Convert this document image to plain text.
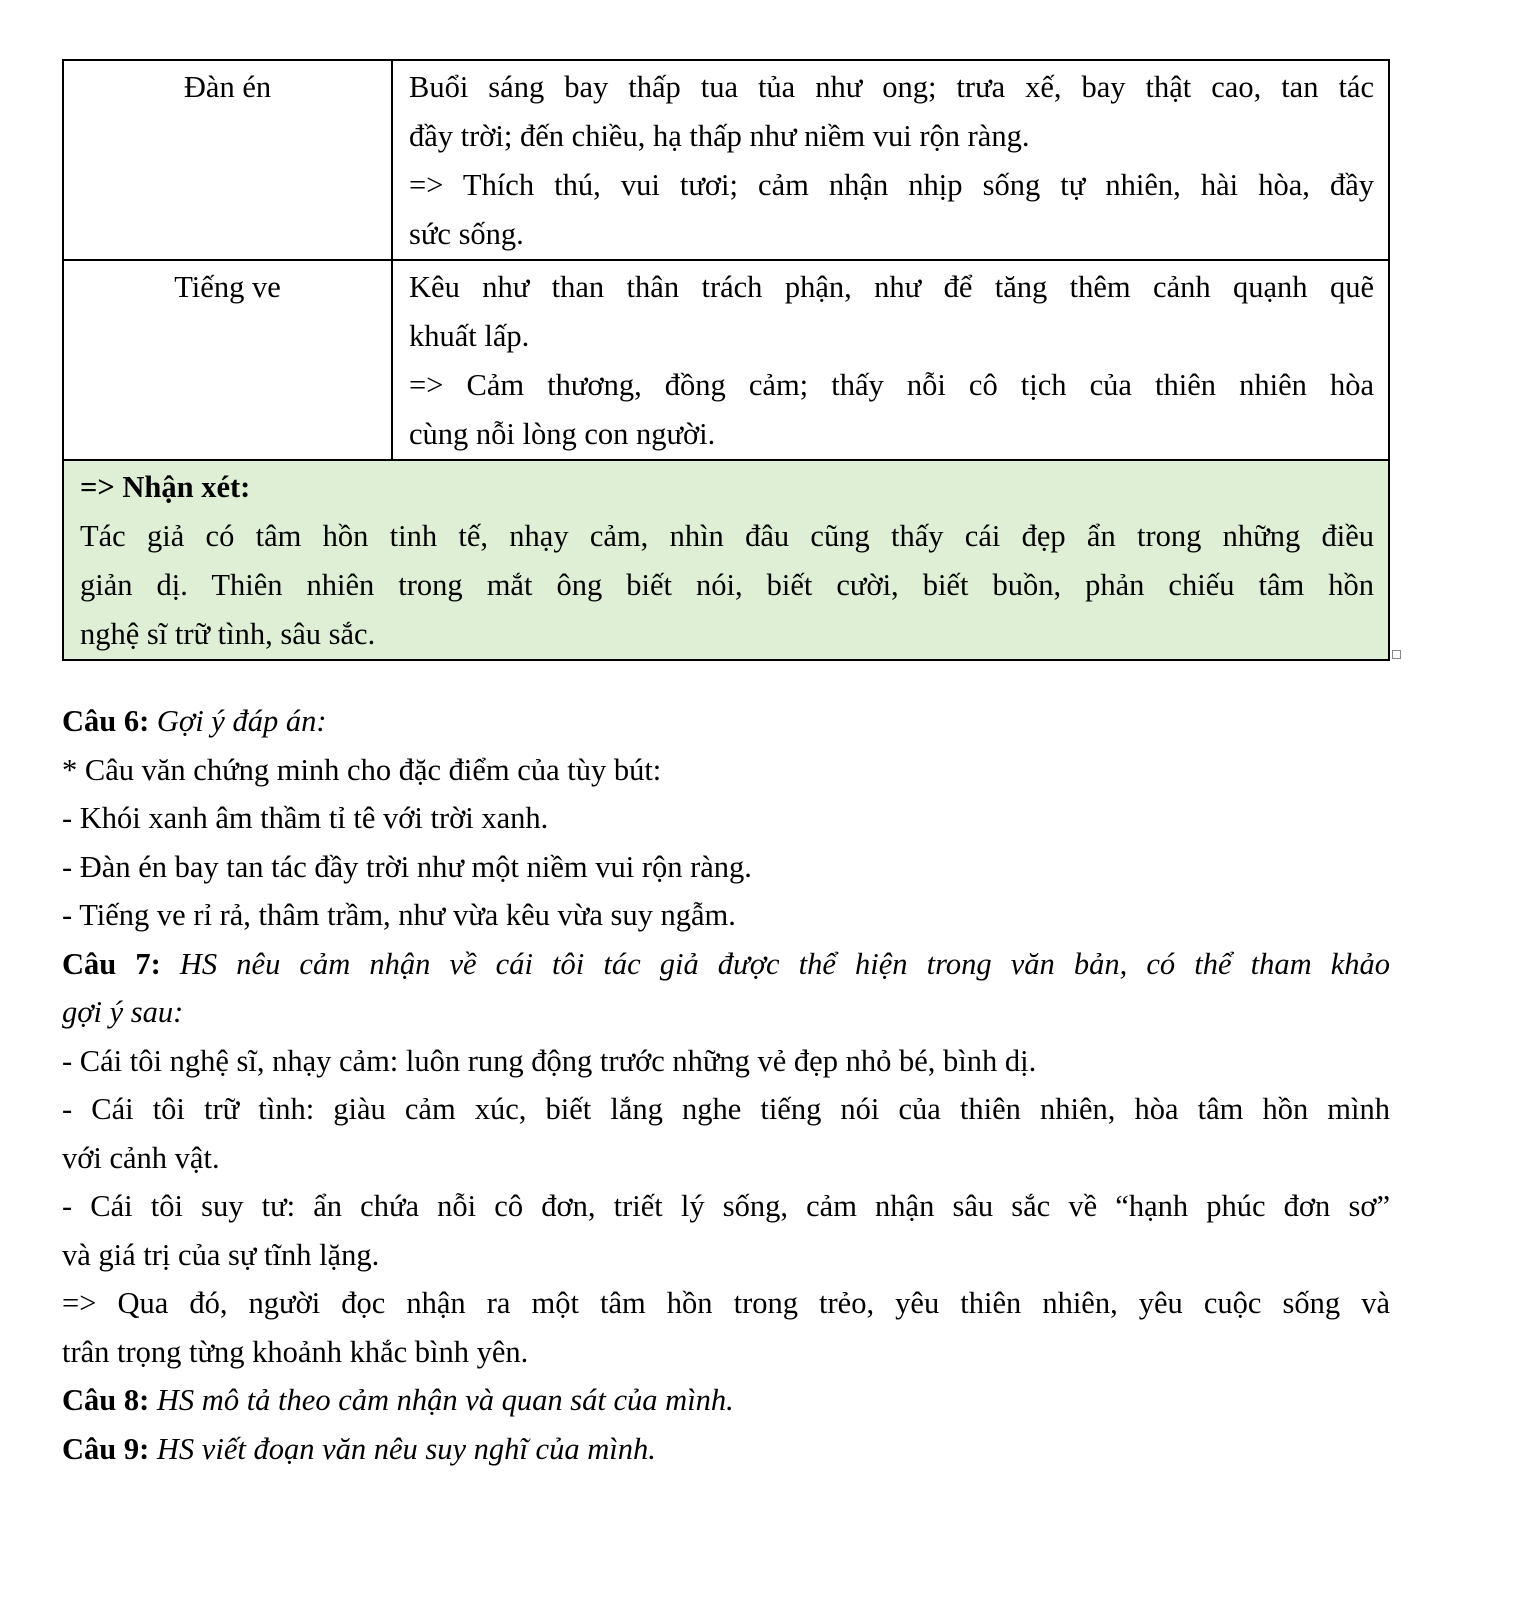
Đàn én	Buổi sáng bay thấp tua tủa như ong; trưa xế, bay thật cao, tan tác
đầy trời; đến chiều, hạ thấp như niềm vui rộn ràng.
=> Thích thú, vui tươi; cảm nhận nhịp sống tự nhiên, hài hòa, đầy
sức sống.

Tiếng ve	Kêu như than thân trách phận, như để tăng thêm cảnh quạnh quẽ
khuất lấp.
=> Cảm thương, đồng cảm; thấy nỗi cô tịch của thiên nhiên hòa
cùng nỗi lòng con người.

=> Nhận xét:
Tác giả có tâm hồn tinh tế, nhạy cảm, nhìn đâu cũng thấy cái đẹp ẩn trong những điều
giản dị. Thiên nhiên trong mắt ông biết nói, biết cười, biết buồn, phản chiếu tâm hồn
nghệ sĩ trữ tình, sâu sắc.	
Câu 6: Gợi ý đáp án:
* Câu văn chứng minh cho đặc điểm của tùy bút:
- Khói xanh âm thầm tỉ tê với trời xanh.
- Đàn én bay tan tác đầy trời như một niềm vui rộn ràng.
- Tiếng ve rỉ rả, thâm trầm, như vừa kêu vừa suy ngẫm.
Câu 7: HS nêu cảm nhận về cái tôi tác giả được thể hiện trong văn bản, có thể tham khảo
gợi ý sau:
- Cái tôi nghệ sĩ, nhạy cảm: luôn rung động trước những vẻ đẹp nhỏ bé, bình dị.
- Cái tôi trữ tình: giàu cảm xúc, biết lắng nghe tiếng nói của thiên nhiên, hòa tâm hồn mình
với cảnh vật.
- Cái tôi suy tư: ẩn chứa nỗi cô đơn, triết lý sống, cảm nhận sâu sắc về “hạnh phúc đơn sơ”
và giá trị của sự tĩnh lặng.
=> Qua đó, người đọc nhận ra một tâm hồn trong trẻo, yêu thiên nhiên, yêu cuộc sống và
trân trọng từng khoảnh khắc bình yên.
Câu 8: HS mô tả theo cảm nhận và quan sát của mình.
Câu 9: HS viết đoạn văn nêu suy nghĩ của mình.
